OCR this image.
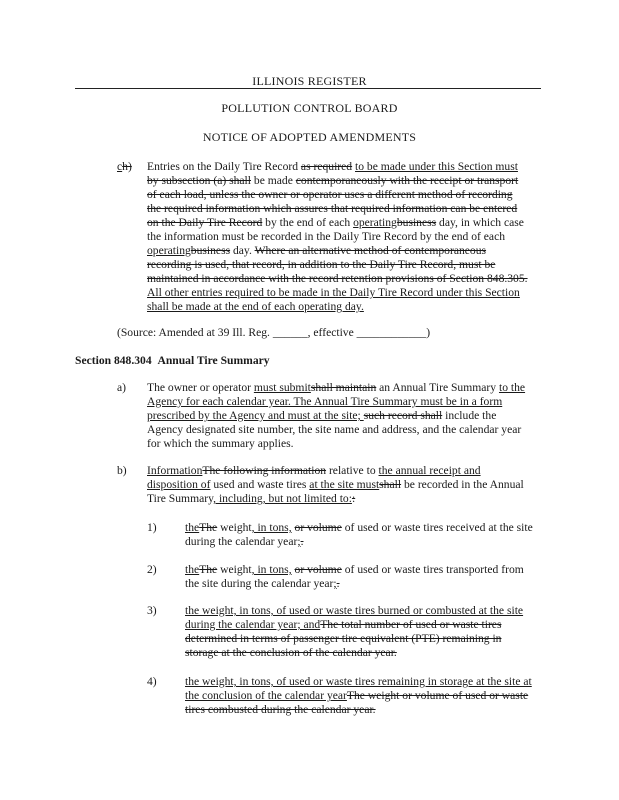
ILLINOIS REGISTER
POLLUTION CONTROL BOARD
NOTICE OF ADOPTED AMENDMENTS
ch) Entries on the Daily Tire Record as required to be made under this Section must
by subsection (a) shall be made contemporaneously with the receipt or transport
of each load, unless the owner or operator uses a different method of recording
the required information which assures that required information can be entered
on the Daily Tire Record by the end of each operatingbusiness day, in which case
the information must be recorded in the Daily Tire Record by the end of each
operatingbusiness day. Where an alternative method of contemporaneous
recording is used, that record, in addition to the Daily Tire Record, must be
maintained in accordance with the record retention provisions of Section 848.305.
All other entries required to be made in the Daily Tire Record under this Section
shall be made at the end of each operating day.
(Source: Amended at 39 Ill. Reg. ______, effective ____________)
Section 848.304 Annual Tire Summary
a) The owner or operator must submitshall maintain an Annual Tire Summary to the
Agency for each calendar year. The Annual Tire Summary must be in a form
prescribed by the Agency and must at the site; such record shall include the
Agency designated site number, the site name and address, and the calendar year
for which the summary applies.
b) InformationThe following information relative to the annual receipt and
disposition of used and waste tires at the site mustshall be recorded in the Annual
Tire Summary, including, but not limited to::
1) theThe weight, in tons, or volume of used or waste tires received at the site
during the calendar year;.
2) theThe weight, in tons, or volume of used or waste tires transported from
the site during the calendar year;.
3) the weight, in tons, of used or waste tires burned or combusted at the site
during the calendar year; andThe total number of used or waste tires
determined in terms of passenger tire equivalent (PTE) remaining in
storage at the conclusion of the calendar year.
4) the weight, in tons, of used or waste tires remaining in storage at the site at
the conclusion of the calendar yearThe weight or volume of used or waste
tires combusted during the calendar year.
